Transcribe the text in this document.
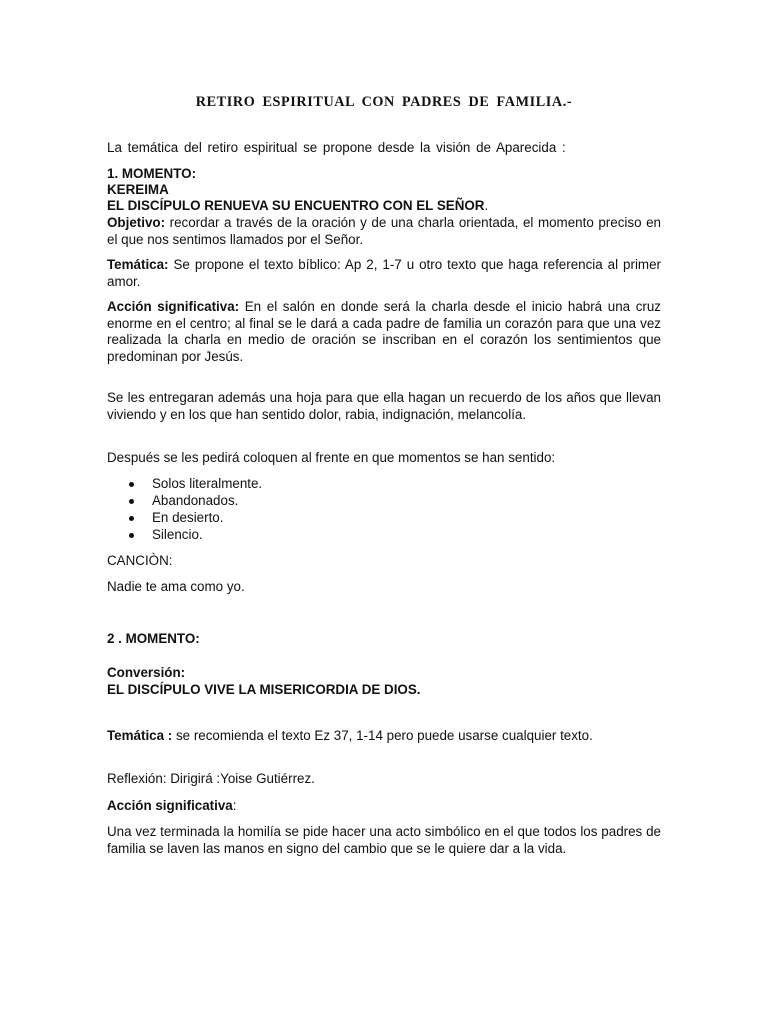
RETIRO ESPIRITUAL CON PADRES DE FAMILIA.-

La temática del retiro espiritual se propone desde la visión de Aparecida :

1. MOMENTO:

KEREIMA

EL DISCÍPULO RENUEVA SU ENCUENTRO CON EL SEÑOR.

Objetivo: recordar a través de la oración y de una charla orientada, el momento preciso en el que nos sentimos llamados por el Señor.

Temática: Se propone el texto bíblico: Ap 2, 1-7 u otro texto que haga referencia al primer amor.

Acción significativa: En el salón en donde será la charla desde el inicio habrá una cruz enorme en el centro; al final se le dará a cada padre de familia un corazón para que una vez realizada la charla en medio de oración se inscriban en el corazón los sentimientos que predominan por Jesús.

Se les entregaran además una hoja para que ella hagan un recuerdo de los años que llevan viviendo y en los que han sentido dolor, rabia, indignación, melancolía.

Después se les pedirá coloquen al frente en que momentos se han sentido:

Solos literalmente.
Abandonados.
En desierto.
Silencio.

CANCIÒN:

Nadie te ama como yo.

2 . MOMENTO:

Conversión:

EL DISCÍPULO VIVE LA MISERICORDIA DE DIOS.

Temática : se recomienda el texto Ez 37, 1-14 pero puede usarse cualquier texto.

Reflexión: Dirigirá :Yoise Gutiérrez.

Acción significativa:

Una vez terminada la homilía se pide hacer una acto simbólico en el que todos los padres de familia se laven las manos en signo del cambio que se le quiere dar a la vida.
